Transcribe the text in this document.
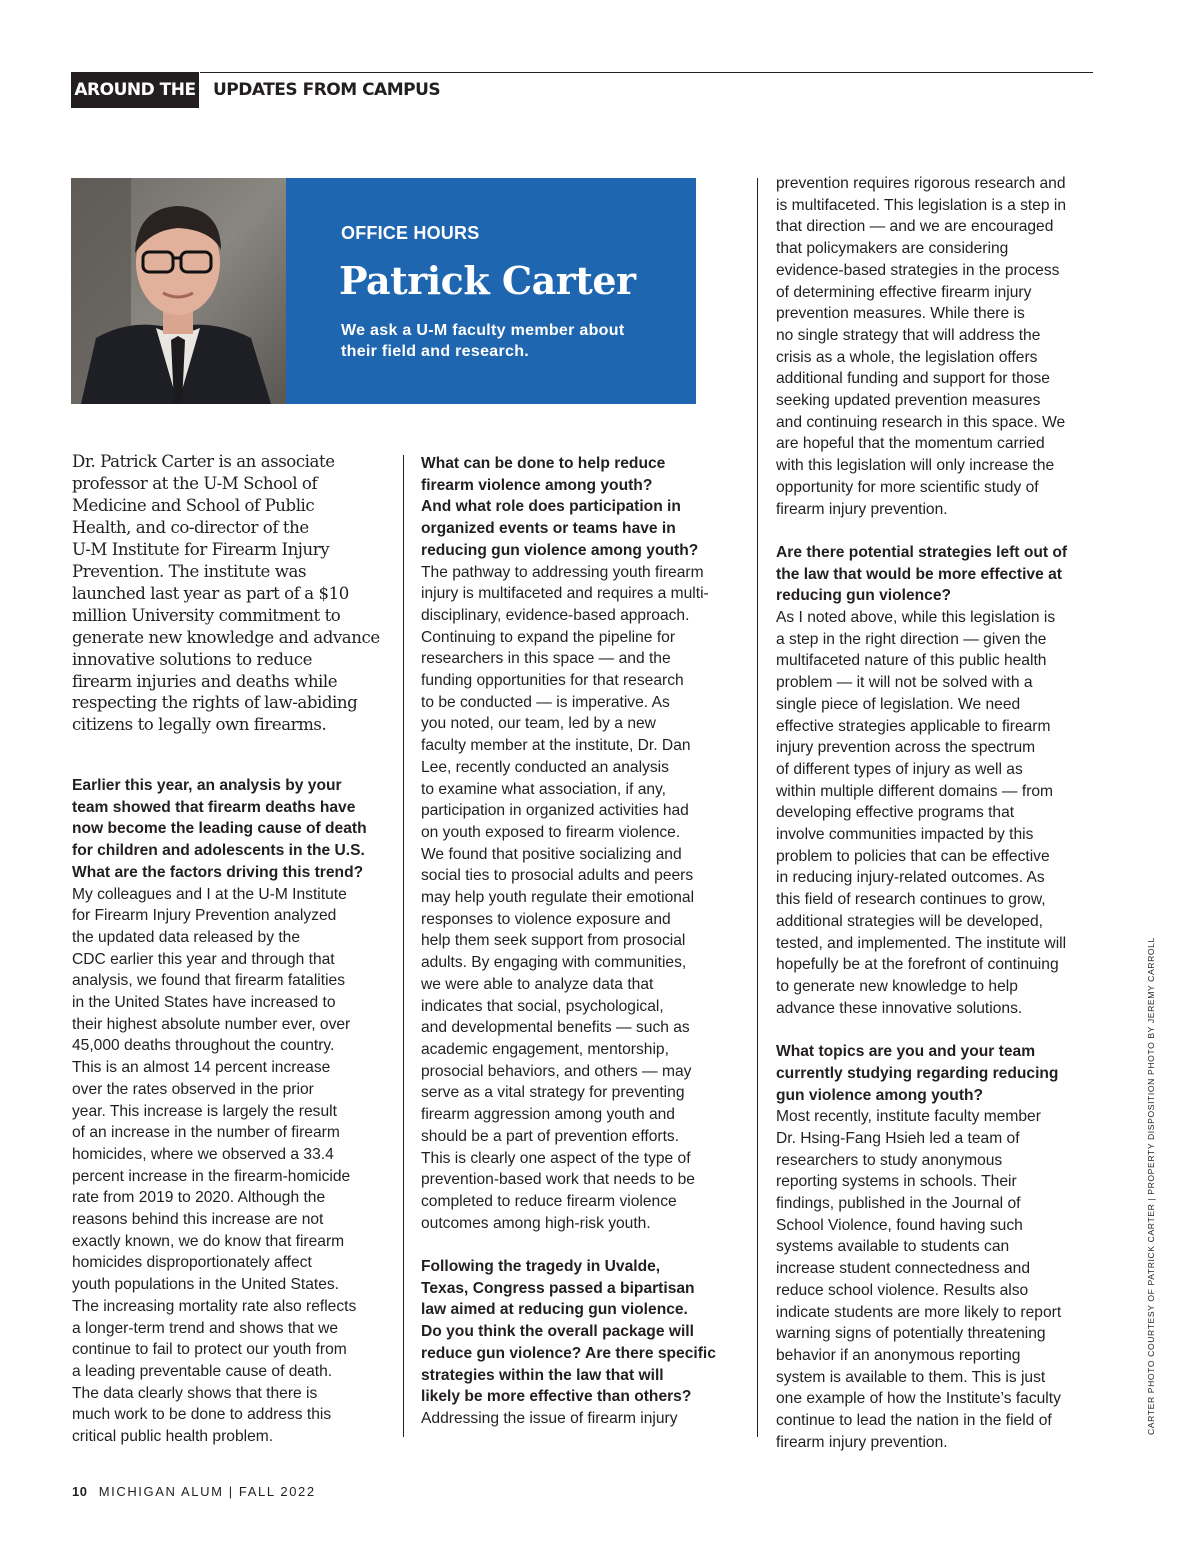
AROUND THE U
UPDATES FROM CAMPUS
OFFICE HOURS
Patrick Carter
We ask a U-M faculty member about
their field and research.
Dr. Patrick Carter is an associate
professor at the U-M School of
Medicine and School of Public
Health, and co-director of the
U-M Institute for Firearm Injury
Prevention. The institute was
launched last year as part of a $10
million University commitment to
generate new knowledge and advance
innovative solutions to reduce
firearm injuries and deaths while
respecting the rights of law-abiding
citizens to legally own firearms.

Earlier this year, an analysis by your
team showed that firearm deaths have
now become the leading cause of death
for children and adolescents in the U.S.
What are the factors driving this trend?

My colleagues and I at the U-M Institute
for Firearm Injury Prevention analyzed
the updated data released by the
CDC earlier this year and through that
analysis, we found that firearm fatalities
in the United States have increased to
their highest absolute number ever, over
45,000 deaths throughout the country.
This is an almost 14 percent increase
over the rates observed in the prior
year. This increase is largely the result
of an increase in the number of firearm
homicides, where we observed a 33.4
percent increase in the firearm-homicide
rate from 2019 to 2020. Although the
reasons behind this increase are not
exactly known, we do know that firearm
homicides disproportionately affect
youth populations in the United States.
The increasing mortality rate also reflects
a longer-term trend and shows that we
continue to fail to protect our youth from
a leading preventable cause of death.
The data clearly shows that there is
much work to be done to address this
critical public health problem.

What can be done to help reduce
firearm violence among youth?
And what role does participation in
organized events or teams have in
reducing gun violence among youth?

The pathway to addressing youth firearm
injury is multifaceted and requires a multi-
disciplinary, evidence-based approach.
Continuing to expand the pipeline for
researchers in this space — and the
funding opportunities for that research
to be conducted — is imperative. As
you noted, our team, led by a new
faculty member at the institute, Dr. Dan
Lee, recently conducted an analysis
to examine what association, if any,
participation in organized activities had
on youth exposed to firearm violence.
We found that positive socializing and
social ties to prosocial adults and peers
may help youth regulate their emotional
responses to violence exposure and
help them seek support from prosocial
adults. By engaging with communities,
we were able to analyze data that
indicates that social, psychological,
and developmental benefits — such as
academic engagement, mentorship,
prosocial behaviors, and others — may
serve as a vital strategy for preventing
firearm aggression among youth and
should be a part of prevention efforts.
This is clearly one aspect of the type of
prevention-based work that needs to be
completed to reduce firearm violence
outcomes among high-risk youth.

Following the tragedy in Uvalde,
Texas, Congress passed a bipartisan
law aimed at reducing gun violence.
Do you think the overall package will
reduce gun violence? Are there specific
strategies within the law that will
likely be more effective than others?

Addressing the issue of firearm injury

prevention requires rigorous research and
is multifaceted. This legislation is a step in
that direction — and we are encouraged
that policymakers are considering
evidence-based strategies in the process
of determining effective firearm injury
prevention measures. While there is
no single strategy that will address the
crisis as a whole, the legislation offers
additional funding and support for those
seeking updated prevention measures
and continuing research in this space. We
are hopeful that the momentum carried
with this legislation will only increase the
opportunity for more scientific study of
firearm injury prevention.

Are there potential strategies left out of
the law that would be more effective at
reducing gun violence?

As I noted above, while this legislation is
a step in the right direction — given the
multifaceted nature of this public health
problem — it will not be solved with a
single piece of legislation. We need
effective strategies applicable to firearm
injury prevention across the spectrum
of different types of injury as well as
within multiple different domains — from
developing effective programs that
involve communities impacted by this
problem to policies that can be effective
in reducing injury-related outcomes. As
this field of research continues to grow,
additional strategies will be developed,
tested, and implemented. The institute will
hopefully be at the forefront of continuing
to generate new knowledge to help
advance these innovative solutions.

What topics are you and your team
currently studying regarding reducing
gun violence among youth?

Most recently, institute faculty member
Dr. Hsing-Fang Hsieh led a team of
researchers to study anonymous
reporting systems in schools. Their
findings, published in the Journal of
School Violence, found having such
systems available to students can
increase student connectedness and
reduce school violence. Results also
indicate students are more likely to report
warning signs of potentially threatening
behavior if an anonymous reporting
system is available to them. This is just
one example of how the Institute’s faculty
continue to lead the nation in the field of
firearm injury prevention.

CARTER PHOTO COURTESY OF PATRICK CARTER | PROPERTY DISPOSITION PHOTO BY JEREMY CARROLL
10 MICHIGAN ALUM | FALL 2022
